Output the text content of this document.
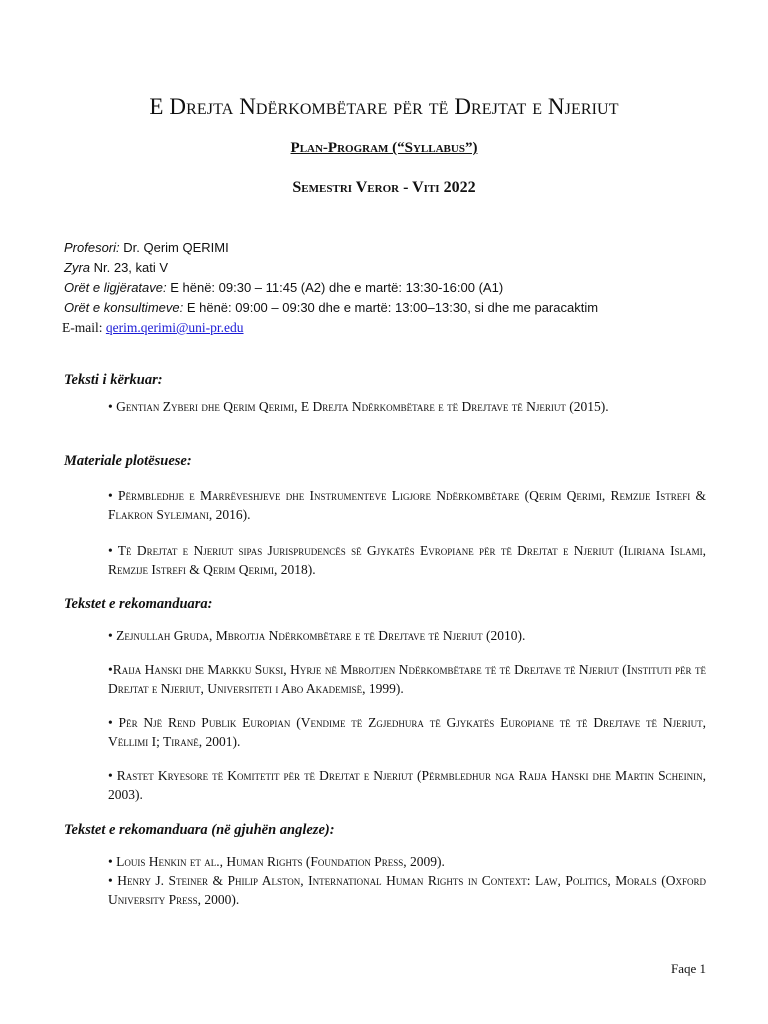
E Drejta Ndërkombëtare për të Drejtat e Njeriut
Plan-Program (“Syllabus”)
Semestri Veror - Viti 2022
Profesori: Dr. Qerim QERIMI
Zyra Nr. 23, kati V
Orët e ligjëratave: E hënë: 09:30 – 11:45 (A2) dhe e martë: 13:30-16:00 (A1)
Orët e konsultimeve: E hënë: 09:00 – 09:30 dhe e martë: 13:00–13:30, si dhe me paracaktim
E-mail: qerim.qerimi@uni-pr.edu
Teksti i kërkuar:
• Gentian Zyberi dhe Qerim Qerimi, E Drejta Ndërkombëtare e të Drejtave të Njeriut (2015).
Materiale plotësuese:
• Përmbledhje e Marrëveshjeve dhe Instrumenteve Ligjore Ndërkombëtare (Qerim Qerimi, Remzije Istrefi & Flakron Sylejmani, 2016).
• Të Drejtat e Njeriut sipas Jurisprudencës së Gjykatës Evropiane për të Drejtat e Njeriut (Iliriana Islami, Remzije Istrefi & Qerim Qerimi, 2018).
Tekstet e rekomanduara:
• Zejnullah Gruda, Mbrojtja Ndërkombëtare e të Drejtave të Njeriut (2010).
•Raija Hanski dhe Markku Suksi, Hyrje në Mbrojtjen Ndërkombëtare të të Drejtave të Njeriut (Instituti për të Drejtat e Njeriut, Universiteti i Abo Akademisë, 1999).
• Për Një Rend Publik Europian (Vendime të Zgjedhura të Gjykatës Europiane të të Drejtave të Njeriut, Vëllimi I; Tiranë, 2001).
• Rastet Kryesore të Komitetit për të Drejtat e Njeriut (Përmbledhur nga Raija Hanski dhe Martin Scheinin, 2003).
Tekstet e rekomanduara (në gjuhën angleze):
• Louis Henkin et al., Human Rights (Foundation Press, 2009).
• Henry J. Steiner & Philip Alston, International Human Rights in Context: Law, Politics, Morals (Oxford University Press, 2000).
Faqe 1
